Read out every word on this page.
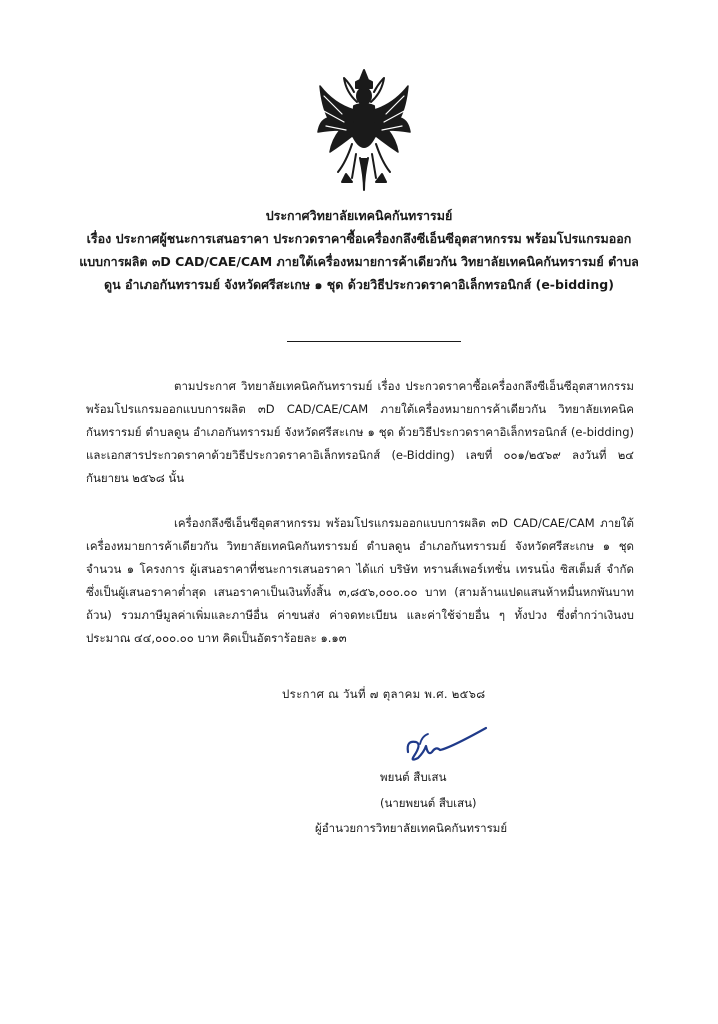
ประกาศวิทยาลัยเทคนิคกันทรารมย์
เรื่อง ประกาศผู้ชนะการเสนอราคา ประกวดราคาซื้อเครื่องกลึงซีเอ็นซีอุตสาหกรรม พร้อมโปรแกรมออก
แบบการผลิต ๓D CAD/CAE/CAM ภายใต้เครื่องหมายการค้าเดียวกัน วิทยาลัยเทคนิคกันทรารมย์ ตำบล
ดูน อำเภอกันทรารมย์ จังหวัดศรีสะเกษ ๑ ชุด ด้วยวิธีประกวดราคาอิเล็กทรอนิกส์ (e-bidding)
ตามประกาศ วิทยาลัยเทคนิคกันทรารมย์ เรื่อง ประกวดราคาซื้อเครื่องกลึงซีเอ็นซีอุตสาหกรรม พร้อมโปรแกรมออกแบบการผลิต ๓D CAD/CAE/CAM ภายใต้เครื่องหมายการค้าเดียวกัน วิทยาลัยเทคนิคกันทรารมย์ ตำบลดูน อำเภอกันทรารมย์ จังหวัดศรีสะเกษ ๑ ชุด ด้วยวิธีประกวดราคาอิเล็กทรอนิกส์ (e-bidding) และเอกสารประกวดราคาด้วยวิธีประกวดราคาอิเล็กทรอนิกส์ (e-Bidding) เลขที่ ๐๐๑/๒๕๖๙ ลงวันที่ ๒๔ กันยายน ๒๕๖๘ นั้น
เครื่องกลึงซีเอ็นซีอุตสาหกรรม พร้อมโปรแกรมออกแบบการผลิต ๓D CAD/CAE/CAM ภายใต้เครื่องหมายการค้าเดียวกัน วิทยาลัยเทคนิคกันทรารมย์ ตำบลดูน อำเภอกันทรารมย์ จังหวัดศรีสะเกษ ๑ ชุด จำนวน ๑ โครงการ ผู้เสนอราคาที่ชนะการเสนอราคา ได้แก่ บริษัท ทรานส์เพอร์เทชั่น เทรนนิ่ง ซิสเต็มส์ จำกัด ซึ่งเป็นผู้เสนอราคาต่ำสุด เสนอราคาเป็นเงินทั้งสิ้น ๓,๘๕๖,๐๐๐.๐๐ บาท (สามล้านแปดแสนห้าหมื่นหกพันบาทถ้วน) รวมภาษีมูลค่าเพิ่มและภาษีอื่น ค่าขนส่ง ค่าจดทะเบียน และค่าใช้จ่ายอื่น ๆ ทั้งปวง ซึ่งต่ำกว่าเงินงบประมาณ ๔๔,๐๐๐.๐๐ บาท คิดเป็นอัตราร้อยละ ๑.๑๓
ประกาศ ณ วันที่ ๗ ตุลาคม พ.ศ. ๒๕๖๘
พยนต์ สืบเสน
(นายพยนต์ สืบเสน)
ผู้อำนวยการวิทยาลัยเทคนิคกันทรารมย์
